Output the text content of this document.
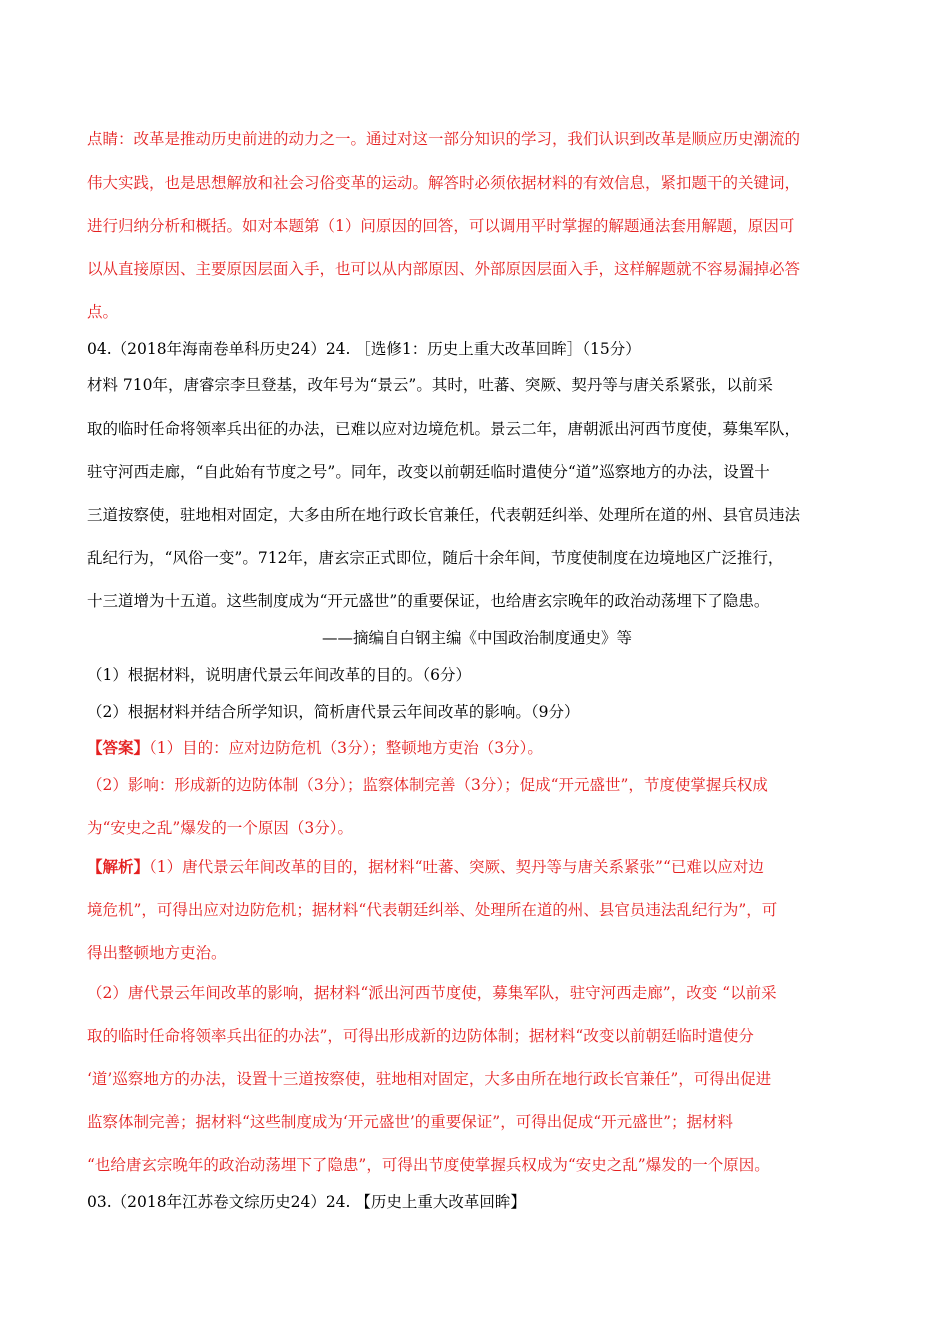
点睛：改革是推动历史前进的动力之一。通过对这一部分知识的学习，我们认识到改革是顺应历史潮流的
伟大实践，也是思想解放和社会习俗变革的运动。解答时必须依据材料的有效信息，紧扣题干的关键词，
进行归纳分析和概括。如对本题第（1）问原因的回答，可以调用平时掌握的解题通法套用解题，原因可
以从直接原因、主要原因层面入手，也可以从内部原因、外部原因层面入手，这样解题就不容易漏掉必答
点。
04.（2018年海南卷单科历史24）24. ［选修1：历史上重大改革回眸］（15分）
材料 710年，唐睿宗李旦登基，改年号为“景云”。其时，吐蕃、突厥、契丹等与唐关系紧张，以前采
取的临时任命将领率兵出征的办法，已难以应对边境危机。景云二年，唐朝派出河西节度使，募集军队，
驻守河西走廊，“自此始有节度之号”。同年，改变以前朝廷临时遣使分“道”巡察地方的办法，设置十
三道按察使，驻地相对固定，大多由所在地行政长官兼任，代表朝廷纠举、处理所在道的州、县官员违法
乱纪行为，“风俗一变”。712年，唐玄宗正式即位，随后十余年间，节度使制度在边境地区广泛推行，
十三道增为十五道。这些制度成为“开元盛世”的重要保证，也给唐玄宗晚年的政治动荡埋下了隐患。
——摘编自白钢主编《中国政治制度通史》等
（1）根据材料，说明唐代景云年间改革的目的。（6分）
（2）根据材料并结合所学知识，简析唐代景云年间改革的影响。（9分）
【答案】（1）目的：应对边防危机（3分）；整顿地方吏治（3分）。
（2）影响：形成新的边防体制（3分）；监察体制完善（3分）；促成“开元盛世”，节度使掌握兵权成
为“安史之乱”爆发的一个原因（3分）。
【解析】（1）唐代景云年间改革的目的，据材料“吐蕃、突厥、契丹等与唐关系紧张”“已难以应对边
境危机”，可得出应对边防危机；据材料“代表朝廷纠举、处理所在道的州、县官员违法乱纪行为”，可
得出整顿地方吏治。
（2）唐代景云年间改革的影响，据材料“派出河西节度使，募集军队，驻守河西走廊”，改变 “以前采
取的临时任命将领率兵出征的办法”，可得出形成新的边防体制；据材料“改变以前朝廷临时遣使分
‘道’巡察地方的办法，设置十三道按察使，驻地相对固定，大多由所在地行政长官兼任”，可得出促进
监察体制完善；据材料“这些制度成为‘开元盛世’的重要保证”，可得出促成“开元盛世”；据材料
“也给唐玄宗晚年的政治动荡埋下了隐患”，可得出节度使掌握兵权成为“安史之乱”爆发的一个原因。
03.（2018年江苏卷文综历史24）24. 【历史上重大改革回眸】
